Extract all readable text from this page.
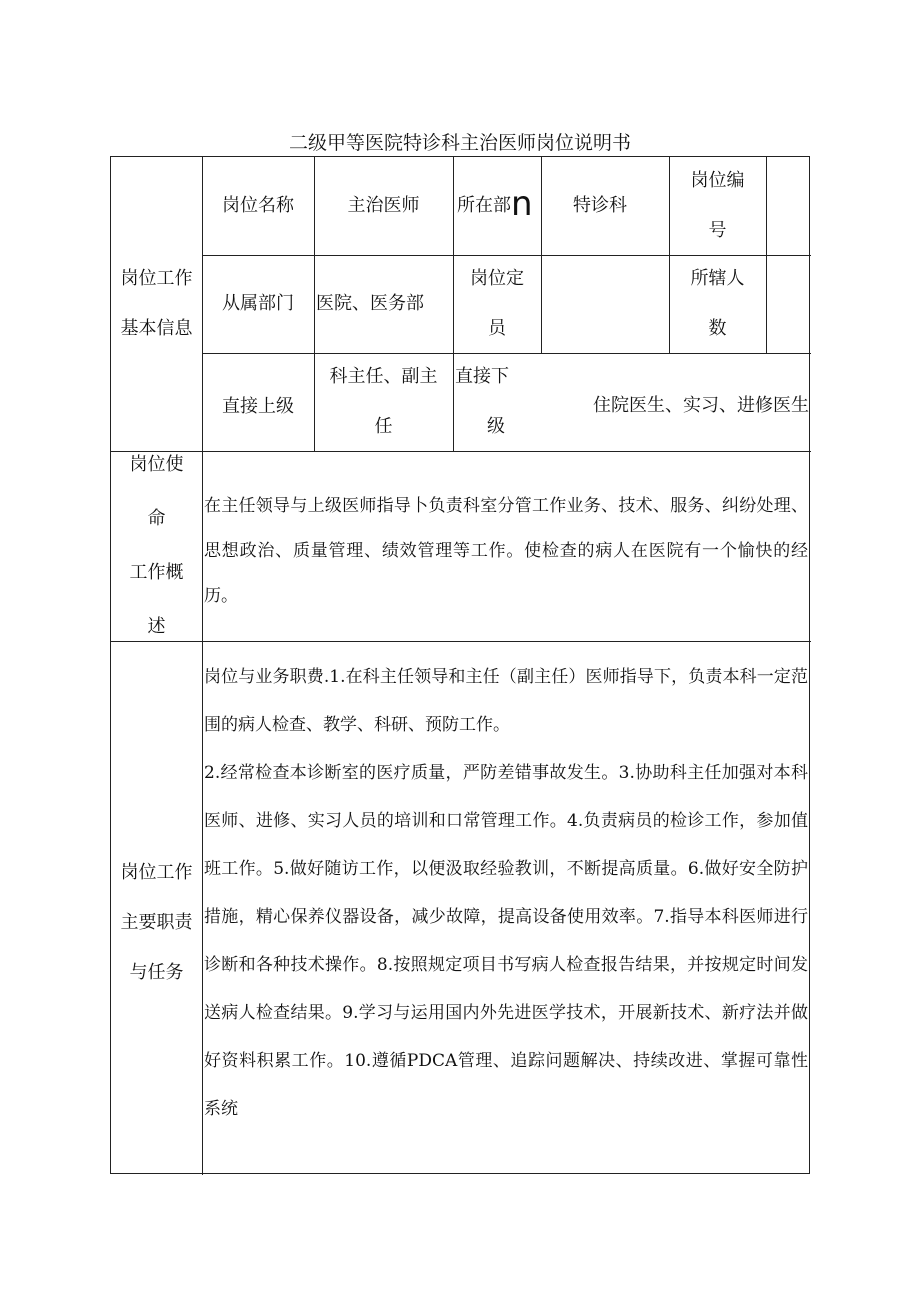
二级甲等医院特诊科主治医师岗位说明书
岗位工作
基本信息
岗位名称	主治医师 所在部 n 特诊科
岗位编
号
从属部门 医院、医务部
岗位定
员
所辖人
数
直接上级
科主任、副主
任
直接下
级
住院医生、实习、进修医生
岗位使
命
工作概
述
在主任领导与上级医师指导卜负责科室分管工作业务、技术、服务、纠纷处理、思想政治、质量管理、绩效管理等工作。使检查的病人在医院有一个愉快的经历。
岗位工作
主要职责
与任务
岗位与业务职费.1.在科主任领导和主任（副主任）医师指导下，负责本科一定范围的病人检查、教学、科研、预防工作。
2.经常检查本诊断室的医疗质量，严防差错事故发生。3.协助科主任加强对本科医师、进修、实习人员的培训和口常管理工作。4.负责病员的检诊工作，参加值班工作。5.做好随访工作，以便汲取经验教训，不断提高质量。6.做好安全防护措施，精心保养仪器设备，减少故障，提高设备使用效率。7.指导本科医师进行诊断和各种技术操作。8.按照规定项目书写病人检查报告结果，并按规定时间发送病人检查结果。9.学习与运用国内外先进医学技术，开展新技术、新疗法并做好资料积累工作。10.遵循PDCA管理、追踪问题解决、持续改进、掌握可靠性系统
